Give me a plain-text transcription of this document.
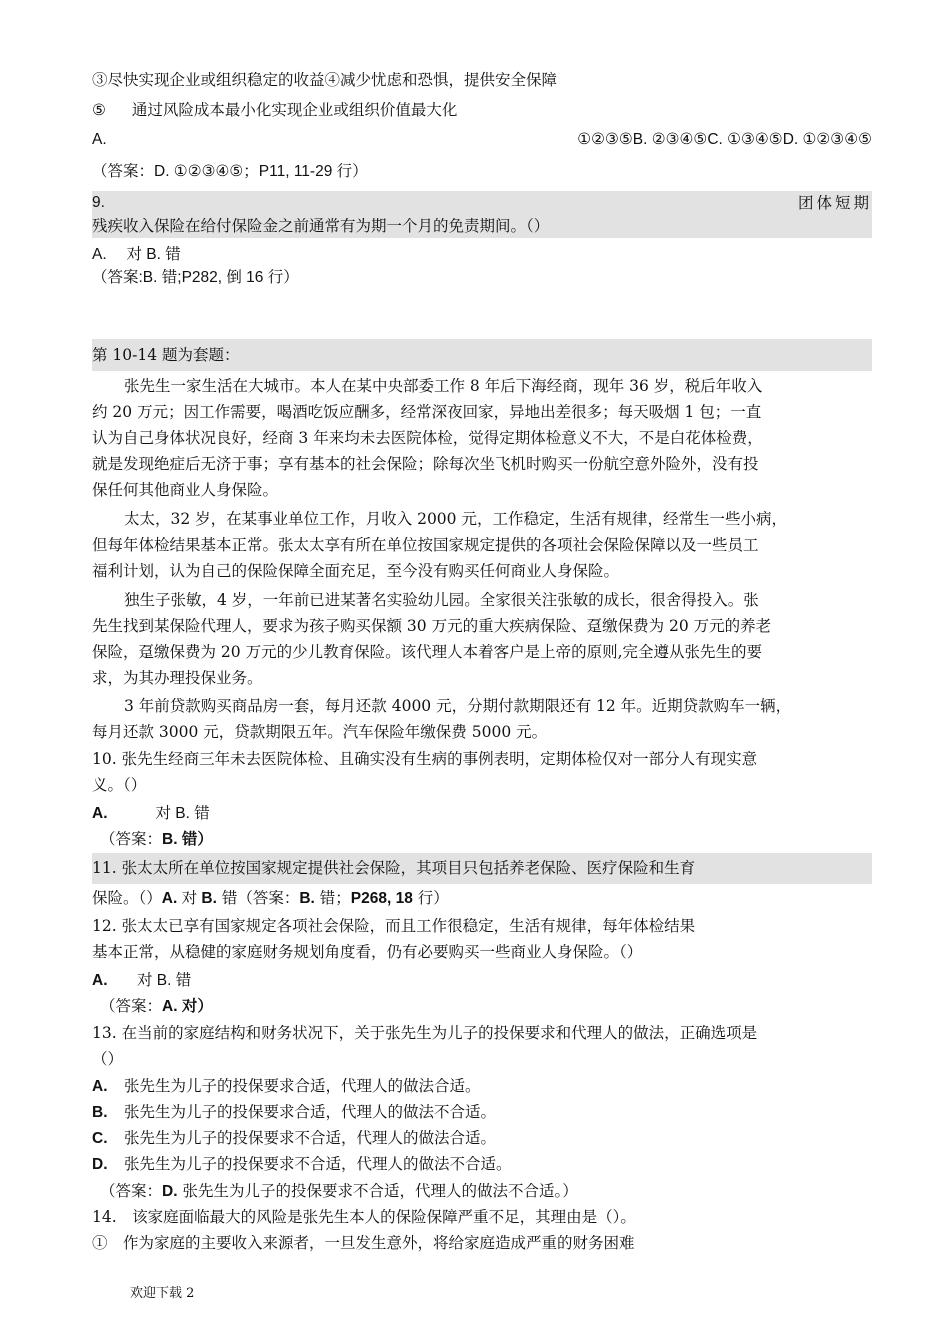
③尽快实现企业或组织稳定的收益④减少忧虑和恐惧，提供安全保障
⑤ 通过风险成本最小化实现企业或组织价值最大化
A.	①②③⑤B. ②③④⑤C. ①③④⑤D. ①②③④⑤
（答案：D. ①②③④⑤；P11, 11-29 行）
9.	团体短期
残疾收入保险在给付保险金之前通常有为期一个月的免责期间。（）
A.　 对 B. 错
（答案:B. 错;P282, 倒 16 行）
第 10-14 题为套题：
张先生一家生活在大城市。本人在某中央部委工作 8 年后下海经商，现年 36 岁，税后年收入
约 20 万元；因工作需要，喝酒吃饭应酬多，经常深夜回家，异地出差很多；每天吸烟 1 包；一直
认为自己身体状况良好，经商 3 年来均未去医院体检，觉得定期体检意义不大，不是白花体检费，
就是发现绝症后无济于事；享有基本的社会保险；除每次坐飞机时购买一份航空意外险外，没有投
保任何其他商业人身保险。
太太，32 岁，在某事业单位工作，月收入 2000 元，工作稳定，生活有规律，经常生一些小病，
但每年体检结果基本正常。张太太享有所在单位按国家规定提供的各项社会保险保障以及一些员工
福利计划，认为自己的保险保障全面充足，至今没有购买任何商业人身保险。
独生子张敏，4 岁，一年前已进某著名实验幼儿园。全家很关注张敏的成长，很舍得投入。张
先生找到某保险代理人，要求为孩子购买保额 30 万元的重大疾病保险、趸缴保费为 20 万元的养老
保险，趸缴保费为 20 万元的少儿教育保险。该代理人本着客户是上帝的原则,完全遵从张先生的要
求，为其办理投保业务。
3 年前贷款购买商品房一套，每月还款 4000 元，分期付款期限还有 12 年。近期贷款购车一辆，
每月还款 3000 元，贷款期限五年。汽车保险年缴保费 5000 元。
10. 张先生经商三年未去医院体检、且确实没有生病的事例表明，定期体检仅对一部分人有现实意
义。（）
A.	对 B. 错
（答案：B. 错）
11. 张太太所在单位按国家规定提供社会保险，其项目只包括养老保险、医疗保险和生育
保险。（）A. 对 B. 错（答案：B. 错；P268, 18 行）
12. 张太太已享有国家规定各项社会保险，而且工作很稳定，生活有规律，每年体检结果
基本正常，从稳健的家庭财务规划角度看，仍有必要购买一些商业人身保险。（）
A.　对 B. 错
（答案：A. 对）
13. 在当前的家庭结构和财务状况下，关于张先生为儿子的投保要求和代理人的做法，正确选项是
（）
A. 张先生为儿子的投保要求合适，代理人的做法合适。
B. 张先生为儿子的投保要求合适，代理人的做法不合适。
C. 张先生为儿子的投保要求不合适，代理人的做法合适。
D. 张先生为儿子的投保要求不合适，代理人的做法不合适。
（答案：D. 张先生为儿子的投保要求不合适，代理人的做法不合适。）
14.　该家庭面临最大的风险是张先生本人的保险保障严重不足，其理由是（）。
①　作为家庭的主要收入来源者，一旦发生意外，将给家庭造成严重的财务困难
欢迎下载 2
